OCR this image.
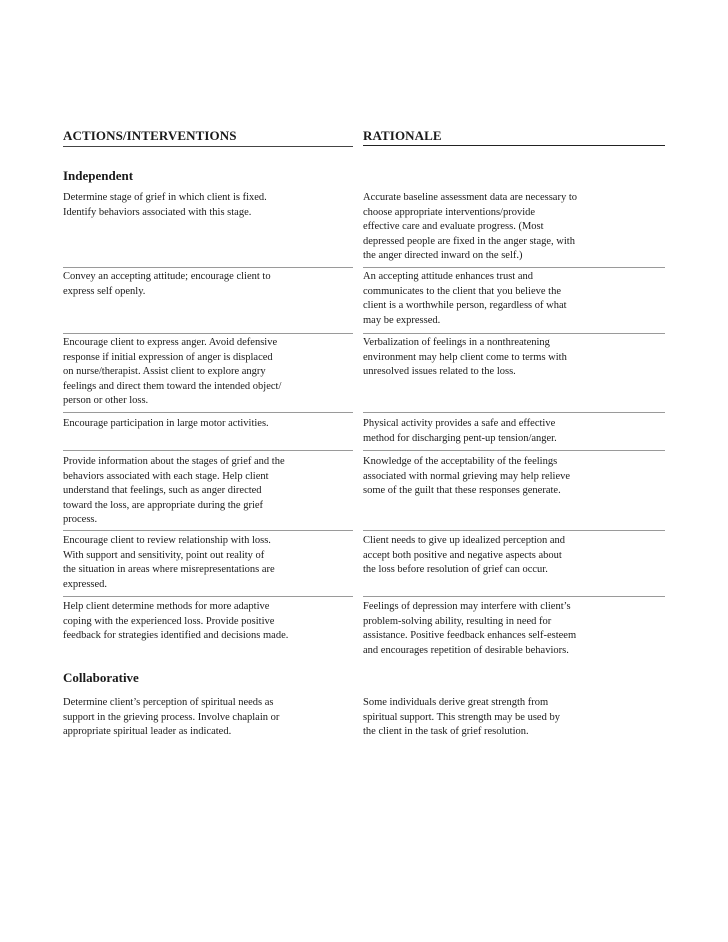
ACTIONS/INTERVENTIONS	RATIONALE
Independent
Determine stage of grief in which client is fixed.
Identify behaviors associated with this stage.
Accurate baseline assessment data are necessary to
choose appropriate interventions/provide
effective care and evaluate progress. (Most
depressed people are fixed in the anger stage, with
the anger directed inward on the self.)
Convey an accepting attitude; encourage client to
express self openly.
An accepting attitude enhances trust and
communicates to the client that you believe the
client is a worthwhile person, regardless of what
may be expressed.
Encourage client to express anger. Avoid defensive
response if initial expression of anger is displaced
on nurse/therapist. Assist client to explore angry
feelings and direct them toward the intended object/
person or other loss.
Verbalization of feelings in a nonthreatening
environment may help client come to terms with
unresolved issues related to the loss.
Encourage participation in large motor activities.	Physical activity provides a safe and effective
method for discharging pent-up tension/anger.
Provide information about the stages of grief and the
behaviors associated with each stage. Help client
understand that feelings, such as anger directed
toward the loss, are appropriate during the grief
process.
Knowledge of the acceptability of the feelings
associated with normal grieving may help relieve
some of the guilt that these responses generate.
Encourage client to review relationship with loss.
With support and sensitivity, point out reality of
the situation in areas where misrepresentations are
expressed.
Client needs to give up idealized perception and
accept both positive and negative aspects about
the loss before resolution of grief can occur.
Help client determine methods for more adaptive
coping with the experienced loss. Provide positive
feedback for strategies identified and decisions made.
Feelings of depression may interfere with client’s
problem-solving ability, resulting in need for
assistance. Positive feedback enhances self-esteem
and encourages repetition of desirable behaviors.
Collaborative
Determine client’s perception of spiritual needs as
support in the grieving process. Involve chaplain or
appropriate spiritual leader as indicated.
Some individuals derive great strength from
spiritual support. This strength may be used by
the client in the task of grief resolution.
